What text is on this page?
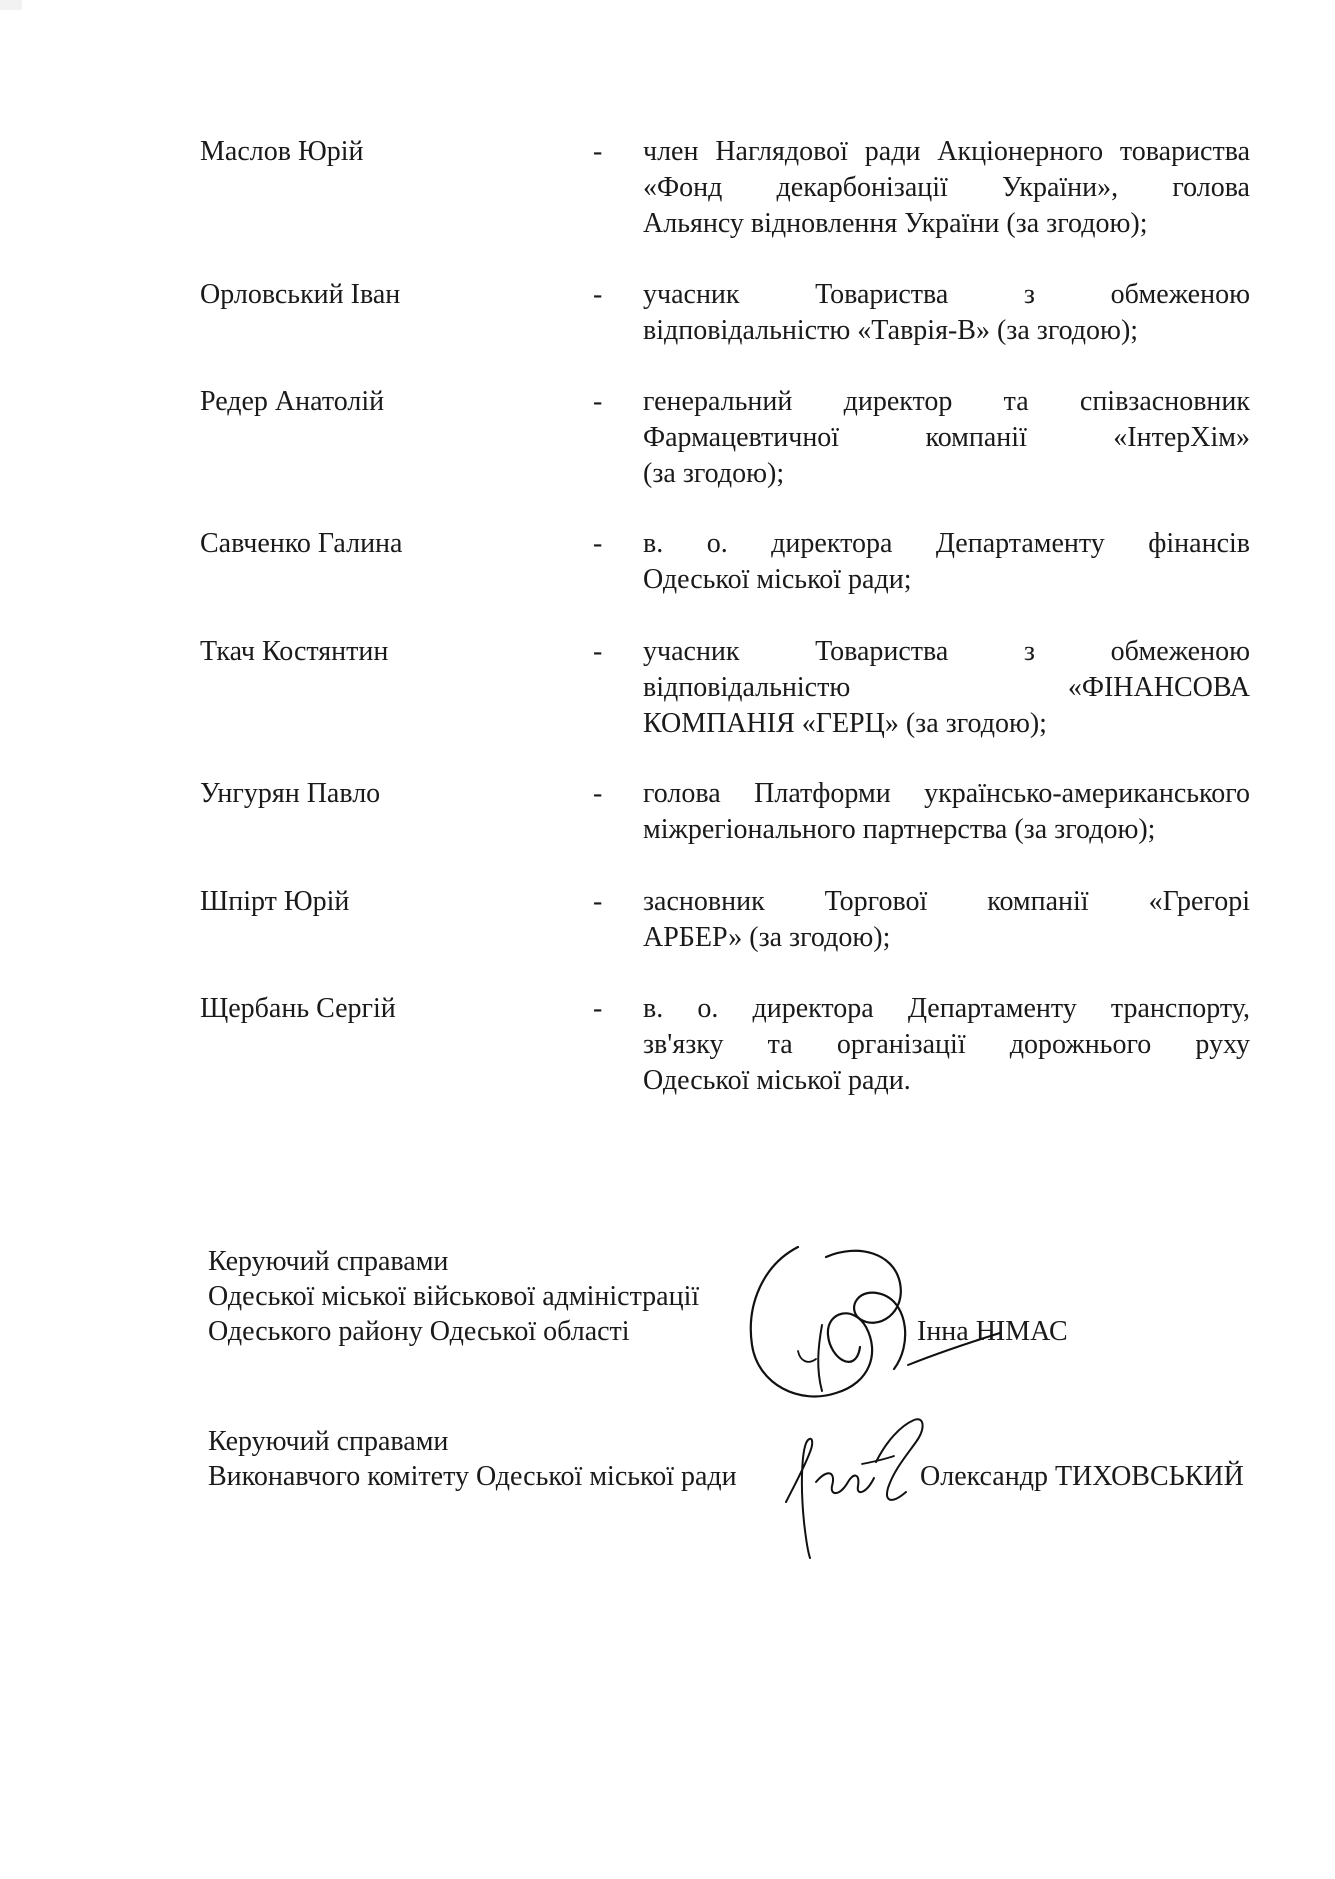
Маслов Юрій	- член Наглядової ради Акціонерного товариства
«Фонд декарбонізації України», голова
Альянсу відновлення України (за згодою);
Орловський Іван	- учасник Товариства з обмеженою
відповідальністю «Таврія-В» (за згодою);
Редер Анатолій	- генеральний директор та співзасновник
Фармацевтичної компанії «ІнтерХім»
(за згодою);
Савченко Галина	- в. о. директора Департаменту фінансів
Одеської міської ради;
Ткач Костянтин	- учасник Товариства з обмеженою
відповідальністю «ФІНАНСОВА
КОМПАНІЯ «ГЕРЦ» (за згодою);
Унгурян Павло	- голова Платформи українсько-американського
міжрегіонального партнерства (за згодою);
Шпірт Юрій	- засновник Торгової компанії «Грегорі
АРБЕР» (за згодою);
Щербань Сергій	- в. о. директора Департаменту транспорту,
зв'язку та організації дорожнього руху
Одеської міської ради.
Керуючий справами
Одеської міської військової адміністрації
Одеського району Одеської області	Інна НІМАС
Керуючий справами
Виконавчого комітету Одеської міської ради	Олександр ТИХОВСЬКИЙ
